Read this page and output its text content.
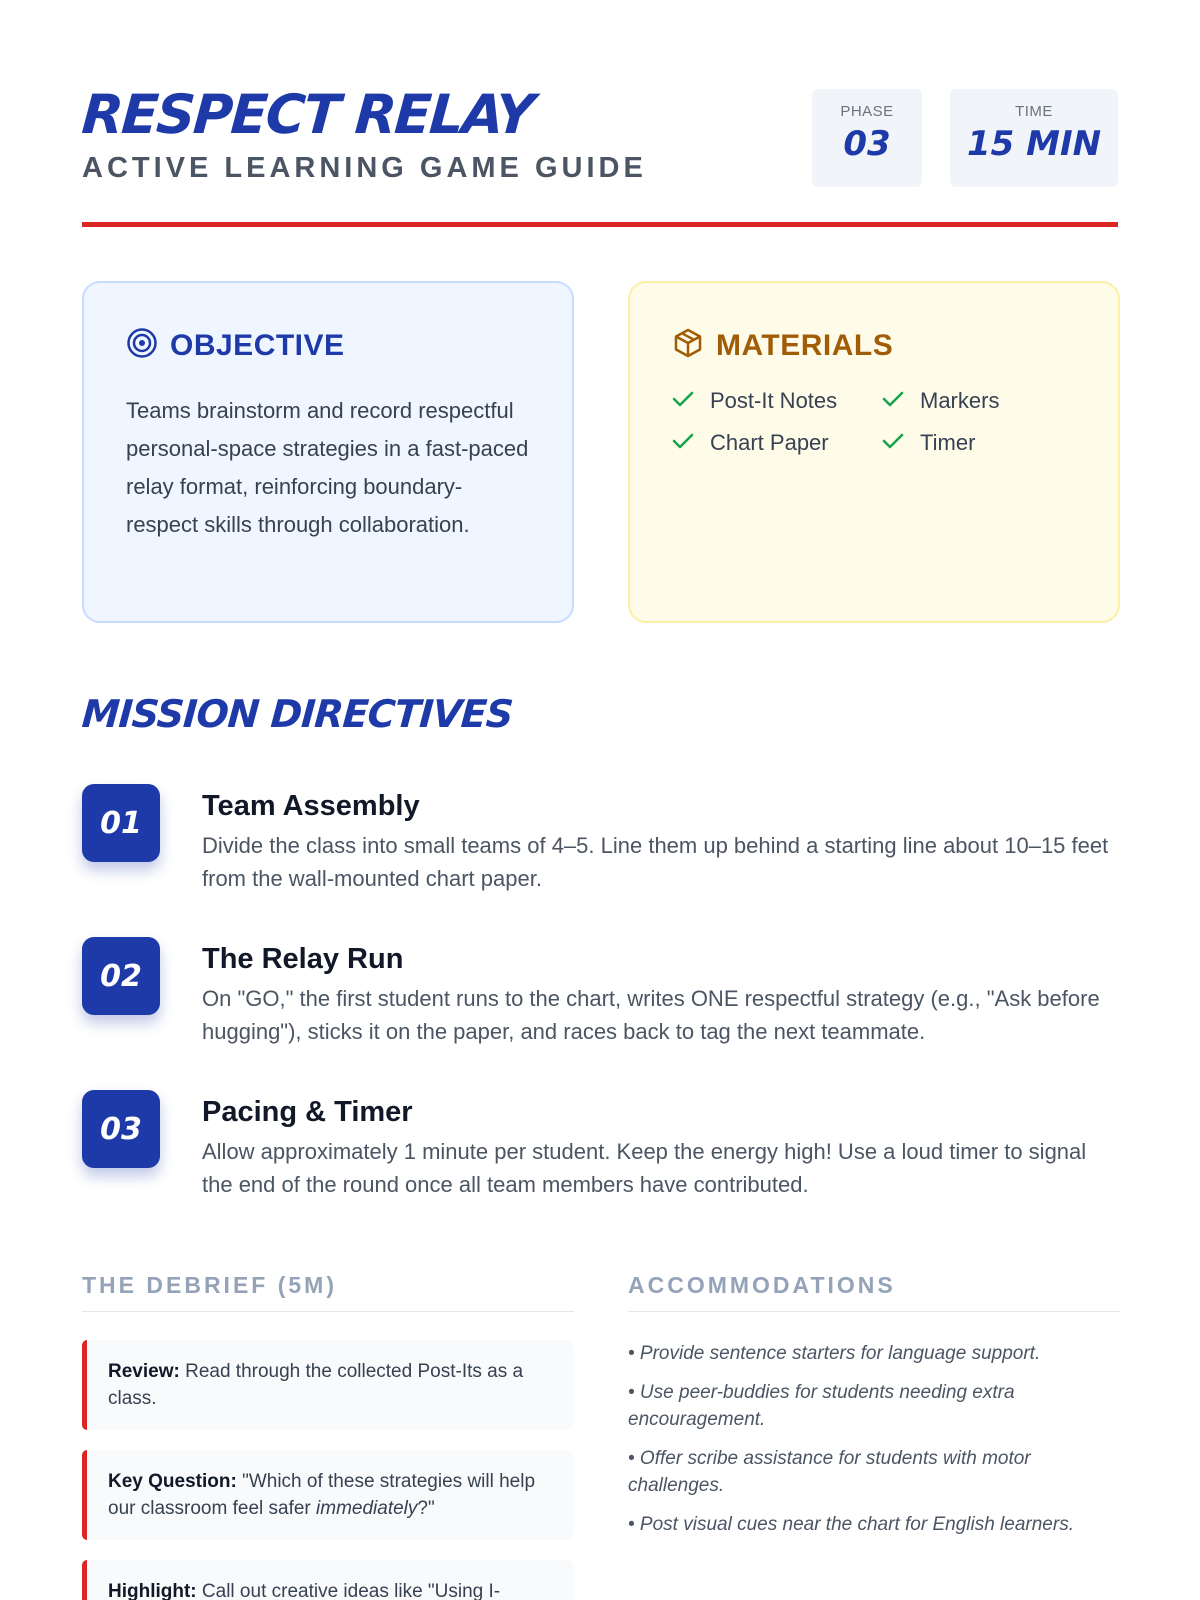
RESPECT RELAY
ACTIVE LEARNING GAME GUIDE
PHASE
03
TIME
15 MIN
OBJECTIVE
Teams brainstorm and record respectful personal-space strategies in a fast-paced relay format, reinforcing boundary-respect skills through collaboration.
MATERIALS
Post-It Notes	Markers
Chart Paper	Timer
MISSION DIRECTIVES
01	Team Assembly
Divide the class into small teams of 4–5. Line them up behind a starting line about 10–15 feet from the wall-mounted chart paper.
02	The Relay Run
On "GO," the first student runs to the chart, writes ONE respectful strategy (e.g., "Ask before hugging"), sticks it on the paper, and races back to tag the next teammate.
03	Pacing & Timer
Allow approximately 1 minute per student. Keep the energy high! Use a loud timer to signal the end of the round once all team members have contributed.
THE DEBRIEF (5M)
Review: Read through the collected Post-Its as a class.
Key Question: "Which of these strategies will help our classroom feel safer immediately?"
Highlight: Call out creative ideas like "Using I-
ACCOMMODATIONS
• Provide sentence starters for language support.
• Use peer-buddies for students needing extra encouragement.
• Offer scribe assistance for students with motor challenges.
• Post visual cues near the chart for English learners.
